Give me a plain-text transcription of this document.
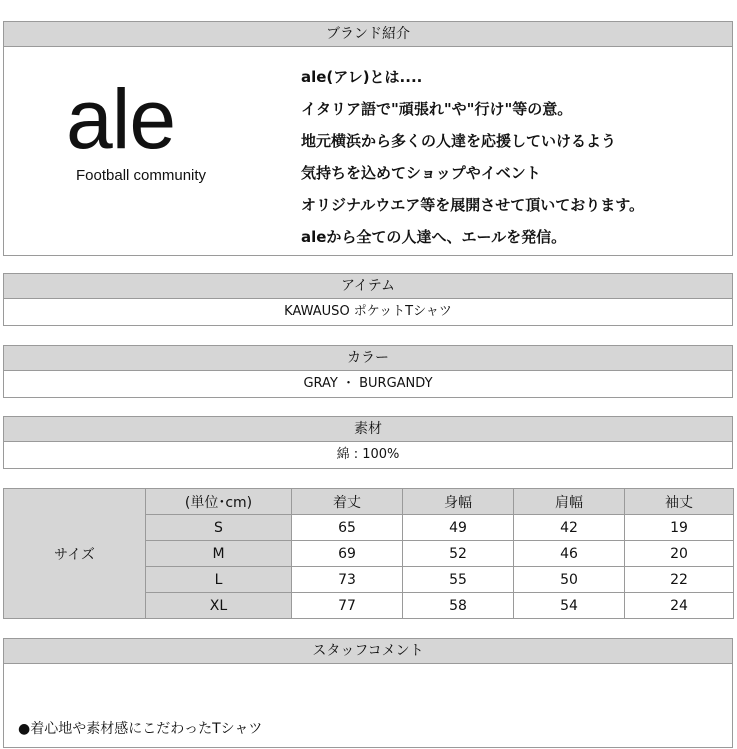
ブランド紹介
ale
Football community
ale(アレ)とは....
イタリア語で"頑張れ"や"行け"等の意。
地元横浜から多くの人達を応援していけるよう
気持ちを込めてショップやイベント
オリジナルウエア等を展開させて頂いております。
aleから全ての人達へ、エールを発信。
アイテム
KAWAUSO ポケットTシャツ
カラー
GRAY ・ BURGANDY
素材
綿 : 100%
サイズ	(単位･cm)	着丈	身幅	肩幅	袖丈
	S	65	49	42	19
	M	69	52	46	20
	L	73	55	50	22
	XL	77	58	54	24
スタッフコメント
●着心地や素材感にこだわったTシャツ
